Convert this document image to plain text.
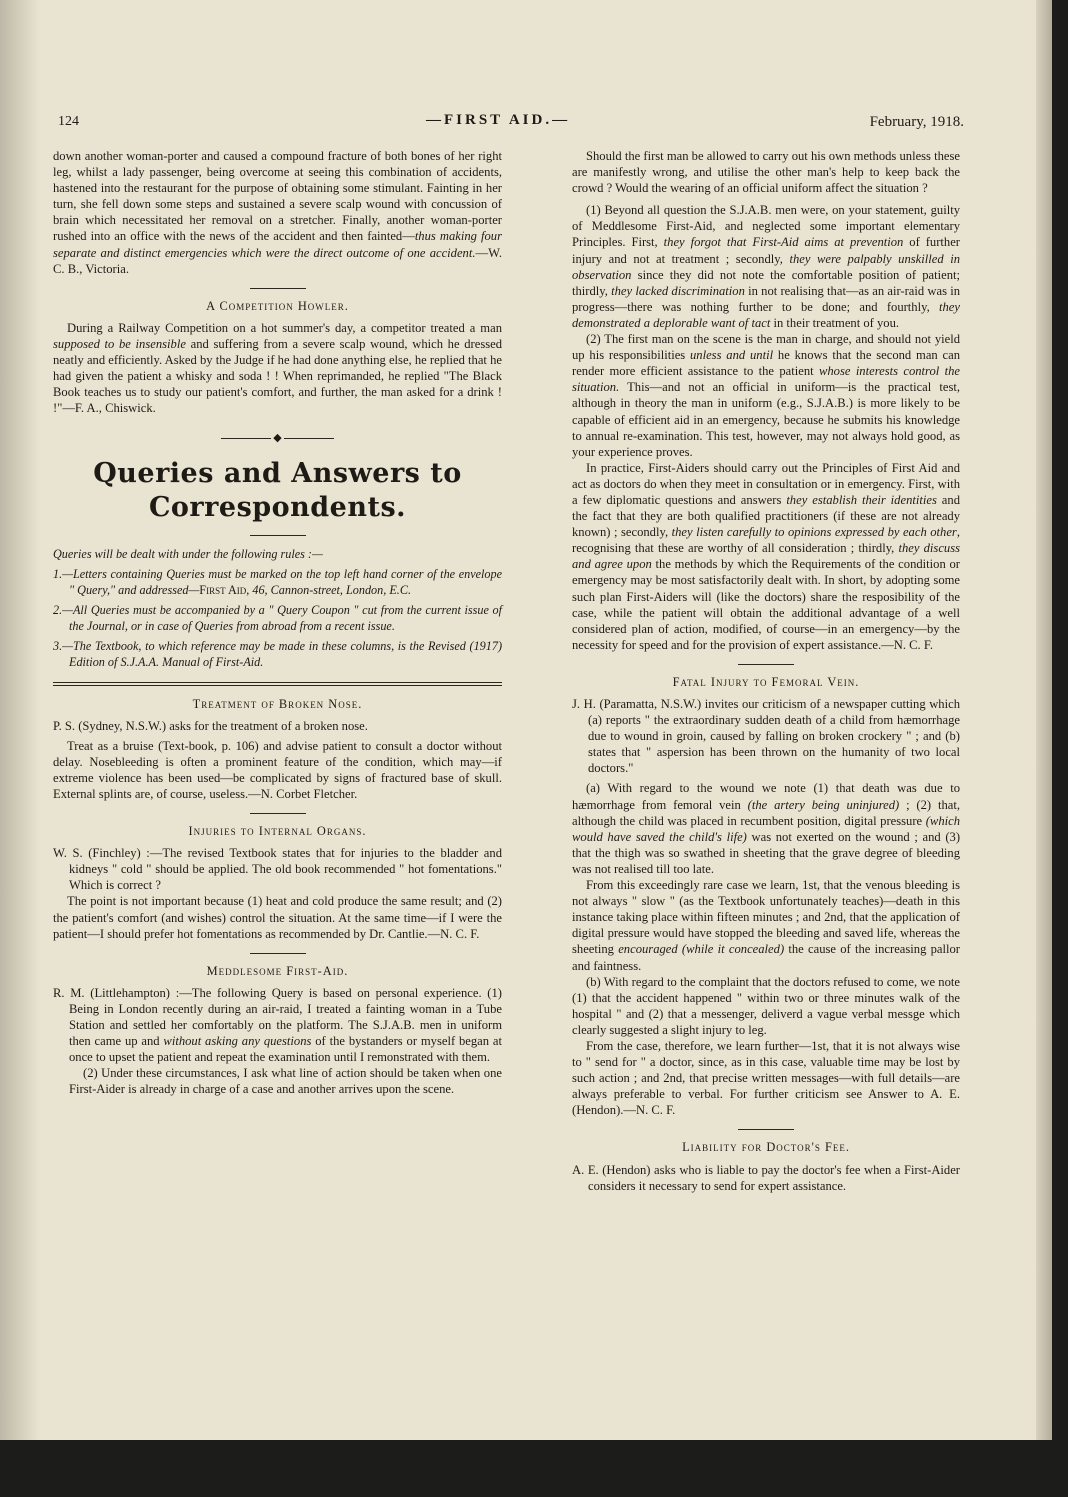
124	—FIRST AID.—	February, 1918.

down another woman-porter and caused a compound fracture of both bones of her right leg, whilst a lady passenger, being overcome at seeing this combination of accidents, hastened into the restaurant for the purpose of obtaining some stimulant. Fainting in her turn, she fell down some steps and sustained a severe scalp wound with concussion of brain which necessitated her removal on a stretcher. Finally, another woman-porter rushed into an office with the news of the accident and then fainted—thus making four separate and distinct emergencies which were the direct outcome of one accident.—W. C. B., Victoria.

A Competition Howler.

During a Railway Competition on a hot summer's day, a competitor treated a man supposed to be insensible and suffering from a severe scalp wound, which he dressed neatly and efficiently. Asked by the Judge if he had done anything else, he replied that he had given the patient a whisky and soda ! ! When reprimanded, he replied "The Black Book teaches us to study our patient's comfort, and further, the man asked for a drink ! !"—F. A., Chiswick.

◆
Queries and Answers to
Correspondents.

Queries will be dealt with under the following rules :—

1.—Letters containing Queries must be marked on the top left hand corner of the envelope " Query," and addressed—First Aid, 46, Cannon-street, London, E.C.

2.—All Queries must be accompanied by a " Query Coupon " cut from the current issue of the Journal, or in case of Queries from abroad from a recent issue.

3.—The Textbook, to which reference may be made in these columns, is the Revised (1917) Edition of S.J.A.A. Manual of First-Aid.

Treatment of Broken Nose.

P. S. (Sydney, N.S.W.) asks for the treatment of a broken nose.

Treat as a bruise (Text-book, p. 106) and advise patient to consult a doctor without delay. Nosebleeding is often a prominent feature of the condition, which may—if extreme violence has been used—be complicated by signs of fractured base of skull. External splints are, of course, useless.—N. Corbet Fletcher.

Injuries to Internal Organs.

W. S. (Finchley) :—The revised Textbook states that for injuries to the bladder and kidneys " cold " should be applied. The old book recommended " hot fomentations." Which is correct ?

The point is not important because (1) heat and cold produce the same result; and (2) the patient's comfort (and wishes) control the situation. At the same time—if I were the patient—I should prefer hot fomentations as recommended by Dr. Cantlie.—N. C. F.

Meddlesome First-Aid.

R. M. (Littlehampton) :—The following Query is based on personal experience. (1) Being in London recently during an air-raid, I treated a fainting woman in a Tube Station and settled her comfortably on the platform. The S.J.A.B. men in uniform then came up and without asking any questions of the bystanders or myself began at once to upset the patient and repeat the examination until I remonstrated with them.

(2) Under these circumstances, I ask what line of action should be taken when one First-Aider is already in charge of a case and another arrives upon the scene.

Should the first man be allowed to carry out his own methods unless these are manifestly wrong, and utilise the other man's help to keep back the crowd ? Would the wearing of an official uniform affect the situation ?

(1) Beyond all question the S.J.A.B. men were, on your statement, guilty of Meddlesome First-Aid, and neglected some important elementary Principles. First, they forgot that First-Aid aims at prevention of further injury and not at treatment ; secondly, they were palpably unskilled in observation since they did not note the comfortable position of patient; thirdly, they lacked discrimination in not realising that—as an air-raid was in progress—there was nothing further to be done; and fourthly, they demonstrated a deplorable want of tact in their treatment of you.

(2) The first man on the scene is the man in charge, and should not yield up his responsibilities unless and until he knows that the second man can render more efficient assistance to the patient whose interests control the situation. This—and not an official in uniform—is the practical test, although in theory the man in uniform (e.g., S.J.A.B.) is more likely to be capable of efficient aid in an emergency, because he submits his knowledge to annual re-examination. This test, however, may not always hold good, as your experience proves.

In practice, First-Aiders should carry out the Principles of First Aid and act as doctors do when they meet in consultation or in emergency. First, with a few diplomatic questions and answers they establish their identities and the fact that they are both qualified practitioners (if these are not already known) ; secondly, they listen carefully to opinions expressed by each other, recognising that these are worthy of all consideration ; thirdly, they discuss and agree upon the methods by which the Requirements of the condition or emergency may be most satisfactorily dealt with. In short, by adopting some such plan First-Aiders will (like the doctors) share the resposibility of the case, while the patient will obtain the additional advantage of a well considered plan of action, modified, of course—in an emergency—by the necessity for speed and for the provision of expert assistance.—N. C. F.

Fatal Injury to Femoral Vein.

J. H. (Paramatta, N.S.W.) invites our criticism of a newspaper cutting which (a) reports " the extraordinary sudden death of a child from hæmorrhage due to wound in groin, caused by falling on broken crockery " ; and (b) states that " aspersion has been thrown on the humanity of two local doctors."

(a) With regard to the wound we note (1) that death was due to hæmorrhage from femoral vein (the artery being uninjured) ; (2) that, although the child was placed in recumbent position, digital pressure (which would have saved the child's life) was not exerted on the wound ; and (3) that the thigh was so swathed in sheeting that the grave degree of bleeding was not realised till too late.

From this exceedingly rare case we learn, 1st, that the venous bleeding is not always " slow " (as the Textbook unfortunately teaches)—death in this instance taking place within fifteen minutes ; and 2nd, that the application of digital pressure would have stopped the bleeding and saved life, whereas the sheeting encouraged (while it concealed) the cause of the increasing pallor and faintness.

(b) With regard to the complaint that the doctors refused to come, we note (1) that the accident happened " within two or three minutes walk of the hospital " and (2) that a messenger, deliverd a vague verbal messge which clearly suggested a slight injury to leg.

From the case, therefore, we learn further—1st, that it is not always wise to " send for " a doctor, since, as in this case, valuable time may be lost by such action ; and 2nd, that precise written messages—with full details—are always preferable to verbal. For further criticism see Answer to A. E. (Hendon).—N. C. F.

Liability for Doctor's Fee.

A. E. (Hendon) asks who is liable to pay the doctor's fee when a First-Aider considers it necessary to send for expert assistance.
